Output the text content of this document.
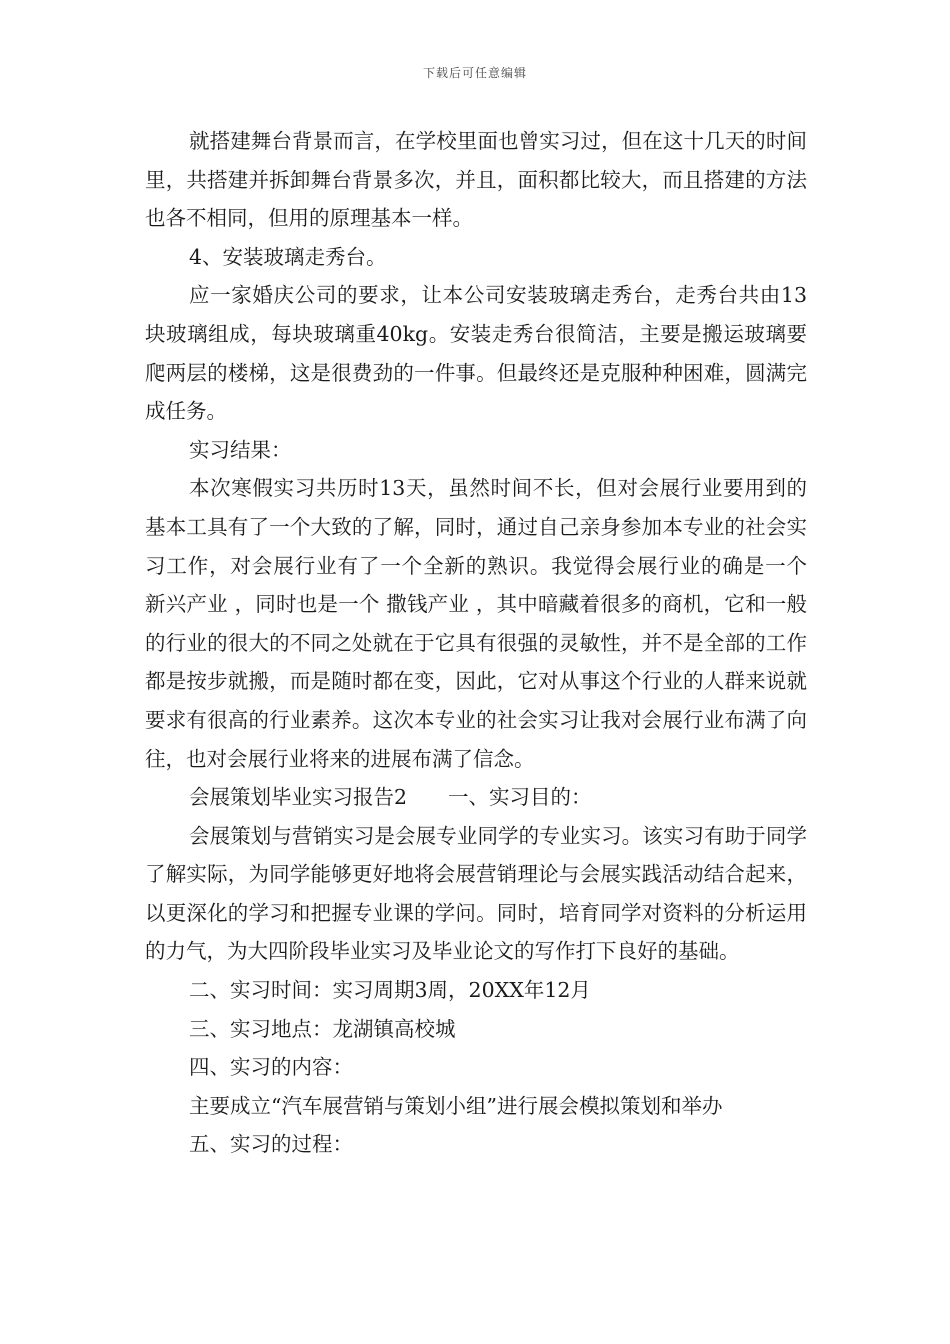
下载后可任意编辑

就搭建舞台背景而言，在学校里面也曾实习过，但在这十几天的时间里，共搭建并拆卸舞台背景多次，并且，面积都比较大，而且搭建的方法也各不相同，但用的原理基本一样。

4、安装玻璃走秀台。

应一家婚庆公司的要求，让本公司安装玻璃走秀台，走秀台共由13块玻璃组成，每块玻璃重40kg。安装走秀台很简洁，主要是搬运玻璃要爬两层的楼梯，这是很费劲的一件事。但最终还是克服种种困难，圆满完成任务。

实习结果：

本次寒假实习共历时13天，虽然时间不长，但对会展行业要用到的基本工具有了一个大致的了解，同时，通过自己亲身参加本专业的社会实习工作，对会展行业有了一个全新的熟识。我觉得会展行业的确是一个 新兴产业 ，同时也是一个 撒钱产业 ，其中暗藏着很多的商机，它和一般的行业的很大的不同之处就在于它具有很强的灵敏性，并不是全部的工作都是按步就搬，而是随时都在变，因此，它对从事这个行业的人群来说就要求有很高的行业素养。这次本专业的社会实习让我对会展行业布满了向往，也对会展行业将来的进展布满了信念。

会展策划毕业实习报告2　　一、实习目的：

会展策划与营销实习是会展专业同学的专业实习。该实习有助于同学了解实际，为同学能够更好地将会展营销理论与会展实践活动结合起来，以更深化的学习和把握专业课的学问。同时，培育同学对资料的分析运用的力气，为大四阶段毕业实习及毕业论文的写作打下良好的基础。

二、实习时间：实习周期3周，20XX年12月

三、实习地点：龙湖镇高校城

四、实习的内容：

主要成立“汽车展营销与策划小组”进行展会模拟策划和举办

五、实习的过程：
